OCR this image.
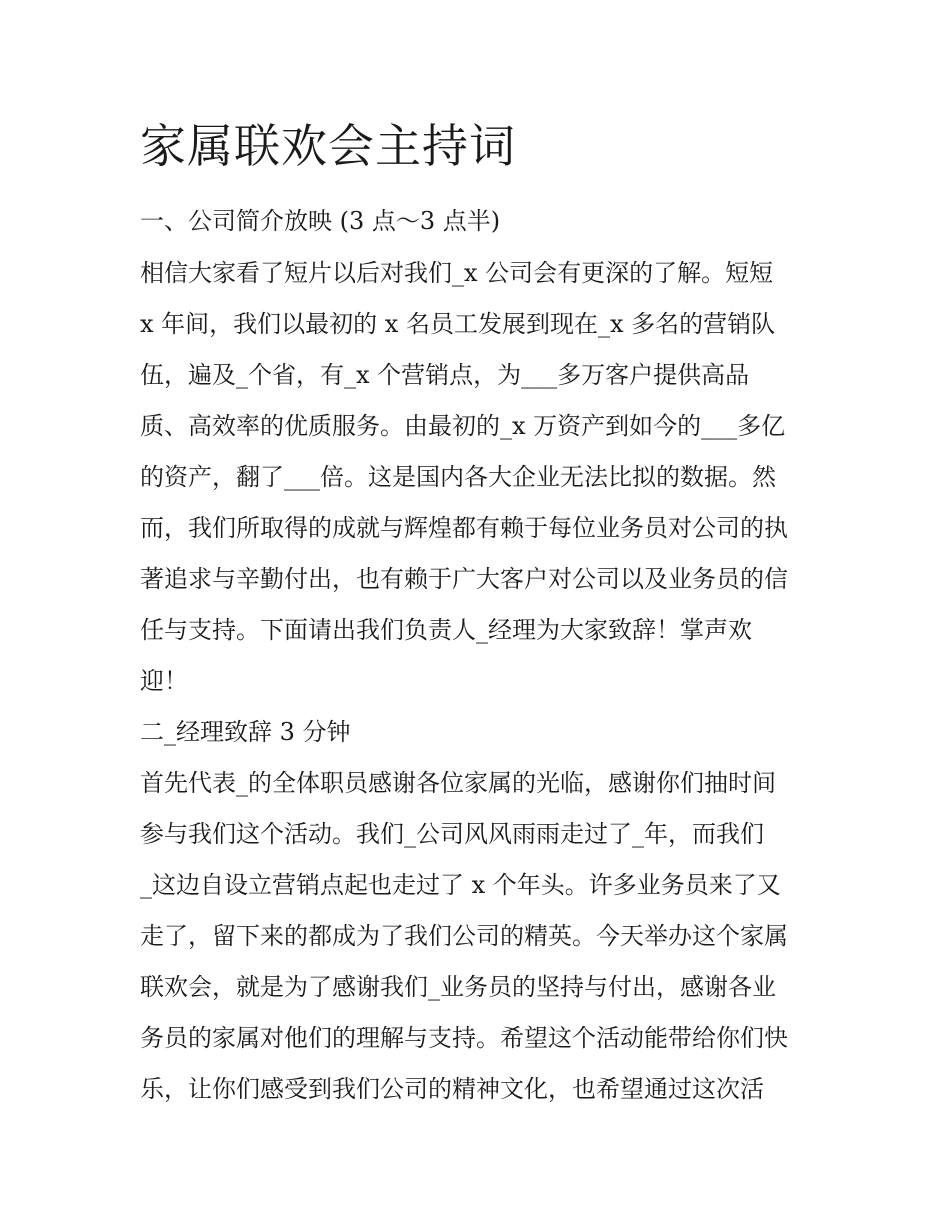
家属联欢会主持词

一、公司简介放映 (3 点～3 点半)

相信大家看了短片以后对我们_x 公司会有更深的了解。短短

x 年间，我们以最初的 x 名员工发展到现在_x 多名的营销队

伍，遍及_个省，有_x 个营销点，为___多万客户提供高品

质、高效率的优质服务。由最初的_x 万资产到如今的___多亿

的资产，翻了___倍。这是国内各大企业无法比拟的数据。然

而，我们所取得的成就与辉煌都有赖于每位业务员对公司的执

著追求与辛勤付出，也有赖于广大客户对公司以及业务员的信

任与支持。下面请出我们负责人_经理为大家致辞！掌声欢

迎！

二_经理致辞 3 分钟

首先代表_的全体职员感谢各位家属的光临，感谢你们抽时间

参与我们这个活动。我们_公司风风雨雨走过了_年，而我们

_这边自设立营销点起也走过了 x 个年头。许多业务员来了又

走了，留下来的都成为了我们公司的精英。今天举办这个家属

联欢会，就是为了感谢我们_业务员的坚持与付出，感谢各业

务员的家属对他们的理解与支持。希望这个活动能带给你们快

乐，让你们感受到我们公司的精神文化，也希望通过这次活
